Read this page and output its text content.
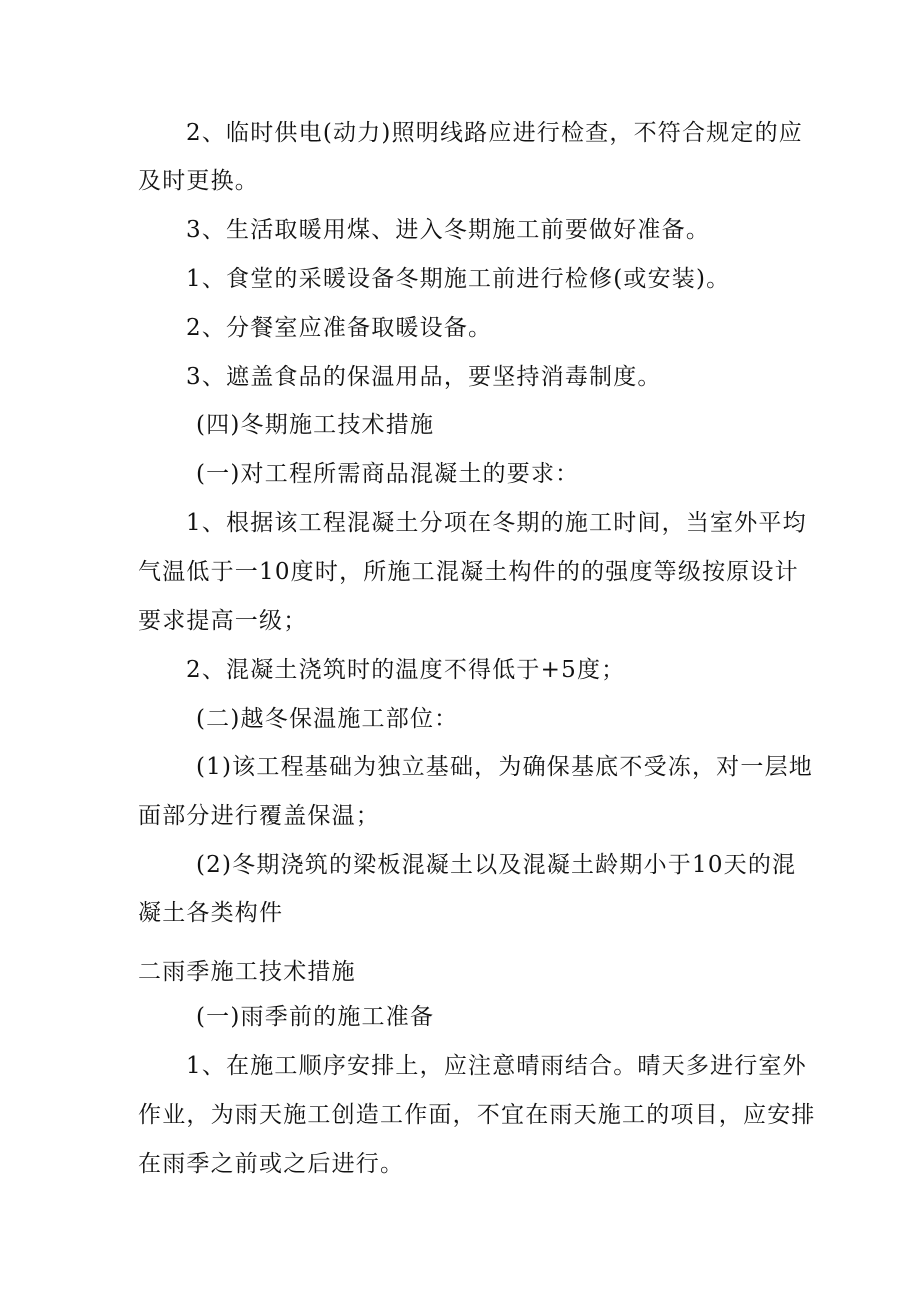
2、临时供电(动力)照明线路应进行检查，不符合规定的应
及时更换。
3、生活取暖用煤、进入冬期施工前要做好准备。
1、食堂的采暖设备冬期施工前进行检修(或安装)。
2、分餐室应准备取暖设备。
3、遮盖食品的保温用品，要坚持消毒制度。
(四)冬期施工技术措施
(一)对工程所需商品混凝土的要求：
1、根据该工程混凝土分项在冬期的施工时间，当室外平均
气温低于一10度时，所施工混凝土构件的的强度等级按原设计
要求提高一级；
2、混凝土浇筑时的温度不得低于+5度；
(二)越冬保温施工部位：
(1)该工程基础为独立基础，为确保基底不受冻，对一层地
面部分进行覆盖保温；
(2)冬期浇筑的梁板混凝土以及混凝土龄期小于10天的混
凝土各类构件
二雨季施工技术措施
(一)雨季前的施工准备
1、在施工顺序安排上，应注意晴雨结合。晴天多进行室外
作业，为雨天施工创造工作面，不宜在雨天施工的项目，应安排
在雨季之前或之后进行。
